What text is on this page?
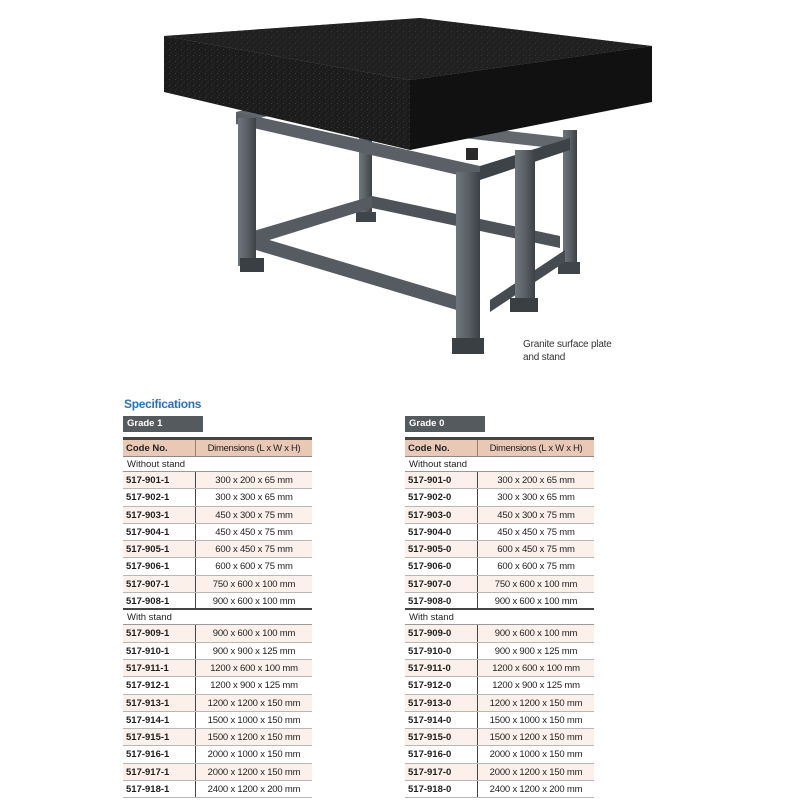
Granite surface plate
and stand
Specifications
Grade 1
Code No.	Dimensions (L x W x H)
Without stand
517-901-1	300 x 200 x 65 mm
517-902-1	300 x 300 x 65 mm
517-903-1	450 x 300 x 75 mm
517-904-1	450 x 450 x 75 mm
517-905-1	600 x 450 x 75 mm
517-906-1	600 x 600 x 75 mm
517-907-1	750 x 600 x 100 mm
517-908-1	900 x 600 x 100 mm
With stand
517-909-1	900 x 600 x 100 mm
517-910-1	900 x 900 x 125 mm
517-911-1	1200 x 600 x 100 mm
517-912-1	1200 x 900 x 125 mm
517-913-1	1200 x 1200 x 150 mm
517-914-1	1500 x 1000 x 150 mm
517-915-1	1500 x 1200 x 150 mm
517-916-1	2000 x 1000 x 150 mm
517-917-1	2000 x 1200 x 150 mm
517-918-1	2400 x 1200 x 200 mm
Grade 0
Code No.	Dimensions (L x W x H)
Without stand
517-901-0	300 x 200 x 65 mm
517-902-0	300 x 300 x 65 mm
517-903-0	450 x 300 x 75 mm
517-904-0	450 x 450 x 75 mm
517-905-0	600 x 450 x 75 mm
517-906-0	600 x 600 x 75 mm
517-907-0	750 x 600 x 100 mm
517-908-0	900 x 600 x 100 mm
With stand
517-909-0	900 x 600 x 100 mm
517-910-0	900 x 900 x 125 mm
517-911-0	1200 x 600 x 100 mm
517-912-0	1200 x 900 x 125 mm
517-913-0	1200 x 1200 x 150 mm
517-914-0	1500 x 1000 x 150 mm
517-915-0	1500 x 1200 x 150 mm
517-916-0	2000 x 1000 x 150 mm
517-917-0	2000 x 1200 x 150 mm
517-918-0	2400 x 1200 x 200 mm
